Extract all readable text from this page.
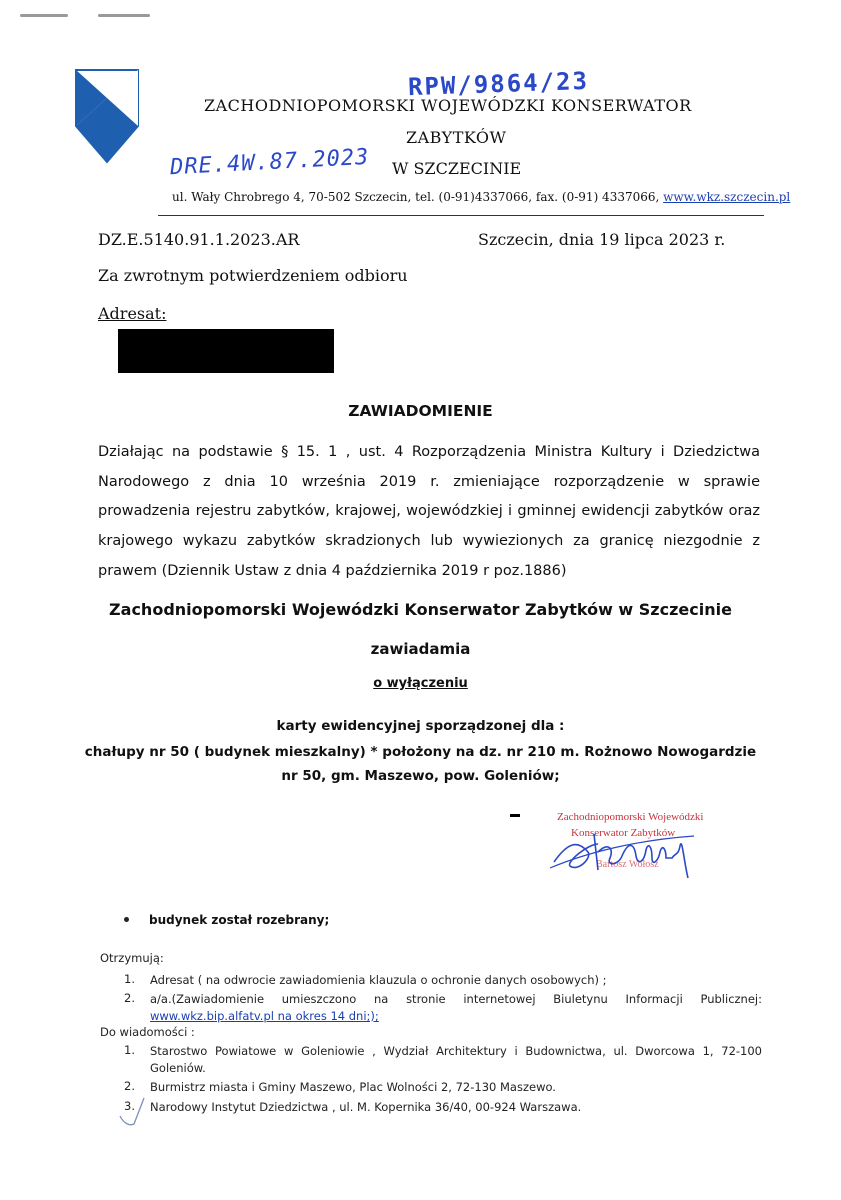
RPW/9864/23
ZACHODNIOPOMORSKI WOJEWÓDZKI KONSERWATOR
ZABYTKÓW
DRE.4W.87.2023 W SZCZECINIE
ul. Wały Chrobrego 4, 70-502 Szczecin, tel. (0-91)4337066, fax. (0-91) 4337066, www.wkz.szczecin.pl
DZ.E.5140.91.1.2023.AR	Szczecin, dnia 19 lipca 2023 r.
Za zwrotnym potwierdzeniem odbioru
Adresat:
ZAWIADOMIENIE
Działając na podstawie § 15. 1 , ust. 4 Rozporządzenia Ministra Kultury i Dziedzictwa Narodowego z dnia 10 września 2019 r. zmieniające rozporządzenie w sprawie prowadzenia rejestru zabytków, krajowej, wojewódzkiej i gminnej ewidencji zabytków oraz krajowego wykazu zabytków skradzionych lub wywiezionych za granicę niezgodnie z prawem (Dziennik Ustaw z dnia 4 października 2019 r poz.1886)
Zachodniopomorski Wojewódzki Konserwator Zabytków w Szczecinie
zawiadamia
o wyłączeniu
karty ewidencyjnej sporządzonej dla :
chałupy nr 50 ( budynek mieszkalny) * położony na dz. nr 210 m. Rożnowo Nowogardzie
nr 50, gm. Maszewo, pow. Goleniów;
Zachodniopomorski Wojewódzki
Konserwator Zabytków
Bartosz Wołosz
budynek został rozebrany;
Otrzymują:
1. Adresat ( na odwrocie zawiadomienia klauzula o ochronie danych osobowych) ;
2. a/a.(Zawiadomienie umieszczono na stronie internetowej Biuletynu Informacji Publicznej: www.wkz.bip.alfatv.pl na okres 14 dni;);
Do wiadomości :
1. Starostwo Powiatowe w Goleniowie , Wydział Architektury i Budownictwa, ul. Dworcowa 1, 72-100 Goleniów.
2. Burmistrz miasta i Gminy Maszewo, Plac Wolności 2, 72-130 Maszewo.
3. Narodowy Instytut Dziedzictwa , ul. M. Kopernika 36/40, 00-924 Warszawa.
